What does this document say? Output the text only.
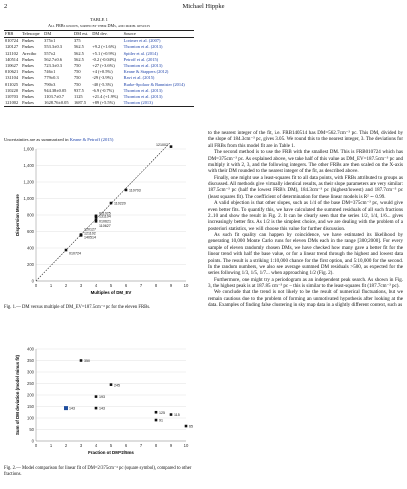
2	Michael Hippke
TABLE 1
All FRBs known, sorted by their DMs, and model results
FRB	Telescope	DM	DM est.	DM dev.	Source
010724	Parkes	375±1	375		Lorimer et al. (2007)
120127	Parkes	553.3±0.3	562.5	+9.2 (+1.6%)	Thornton et al. (2013)
121102	Arecibo	557±2	562.5	+5.1 (+0.9%)	Spitler et al. (2014)
140514	Parkes	562.7±0.6	562.5	-0.2 (-0.04%)	Petroff et al. (2015)
110627	Parkes	723.3±0.3	750	+27 (+3.6%)	Thornton et al. (2013)
010621	Parkes	746±1	750	+4 (+0.5%)	Keane & Stappers (2012)
131104	Parkes	779±0.3	750	-29 (-3.9%)	Ravi et al. (2015)
011025	Parkes	790±3	750	-40 (-5.3%)	Burke-Spolaor & Bannister (2014)
110220	Parkes	944.38±0.05	937.5	-6.9 (-0.7%)	Thornton et al. (2013)
110703	Parkes	1103.7±0.7	1125	+21.4 (+1.9%)	Thornton et al. (2013)
121002	Parkes	1628.76±0.05	1687.5	+89 (+5.5%)	Thornton (2013)
Uncertainties are as summarized in Keane & Petroff (2015)
0
200
400
600
800
1,000
1,200
1,400
1,600
0	1	2	3	4	5	6	7	8	9	10
Multiples of DM_EV
Dispersion Measure
010724
120127
121102
140514
110627
010621
131104
011025
110220
110703
121002
Fig. 1.— DM versus multiple of DM_EV=187.5cm⁻³ pc for the eleven FRBs.
0
50
100
150
200
250
300
350
400
0	1	2	3	4	5	6	7	8	9	10
Fraction ot DM=2/5ms
Sum of DM deviation (model minus fit)	350
245
193
143	143
125
115
91
65
Fig. 2.— Model comparison for linear fit of DM=2/375cm⁻³ pc (square symbol), compared to other fractions.

to the nearest integer of the fit, i.e. FRB140514 has DM=562.7cm⁻³ pc. This DM, divided by the slope of 184.3cm⁻³ pc, gives 3.05. We round this to the nearest integer, 3. The deviations for all FRBs from this model fit are in Table 1.

The second method is to use the FRB with the smallest DM. This is FRB010724 which has DM=375cm⁻³ pc. As explained above, we take half of this value as DM_EV=187.5cm⁻³ pc and multiply it with 2, 3, and the following integers. The other FRBs are then scaled on the X-axis with their DM rounded to the nearest integer of the fit, as described above.

Finally, one might use a least-squares fit to all data points, with FRBs attributed to groups as discussed. All methods give virtually identical results, as their slope parameters are very similar: 187.5cm⁻³ pc (half the lowest FRB's DM), 184.3cm⁻³ pc (highest/lowest) and 187.7cm⁻³ pc (least squares fit). The coefficient of determination for these linear models is R² ∼ 0.99.

A valid objection is that other slopes, such as 1/4 of the base DM=375cm⁻³ pc, would give even better fits. To quantify this, we have calculated the summed residuals of all such fractions 2..10 and show the result in Fig. 2. It can be clearly seen that the series 1/2, 1/4, 1/6... gives increasingly better fits. As 1/2 is the simplest choice, and we are dealing with the problem of a posteriori statistics, we will choose this value for further discussion.

As such fit quality can happen by coincidence, we have estimated its likelihood by generating 10,000 Monte Carlo runs for eleven DMs each in the range [300;2000]. For every sample of eleven randomly chosen DMs, we have checked how many gave a better fit for the linear trend with half the base value, or for a linear trend through the highest and lowest data points. The result is a striking 1:10,000 chance for the first option, and 5:10,000 for the second. In the random numbers, we also see average summed DM residuals >500, as expected for the series following 1/3, 1/5, 1/7... when approaching 1/2 (Fig. 2).

Furthermore, one might try a periodogram as an independent peak search. As shown in Fig. 3, the highest peak is at 187.85 cm⁻³ pc – this is similar to the least-squares fit (187.7cm⁻³ pc).

We conclude that the trend is not likely to be the result of numerical fluctuations, but we remain cautious due to the problem of forming an unmotivated hypothesis after looking at the data. Examples of finding false clustering in sky map data in a slightly different context, such as
